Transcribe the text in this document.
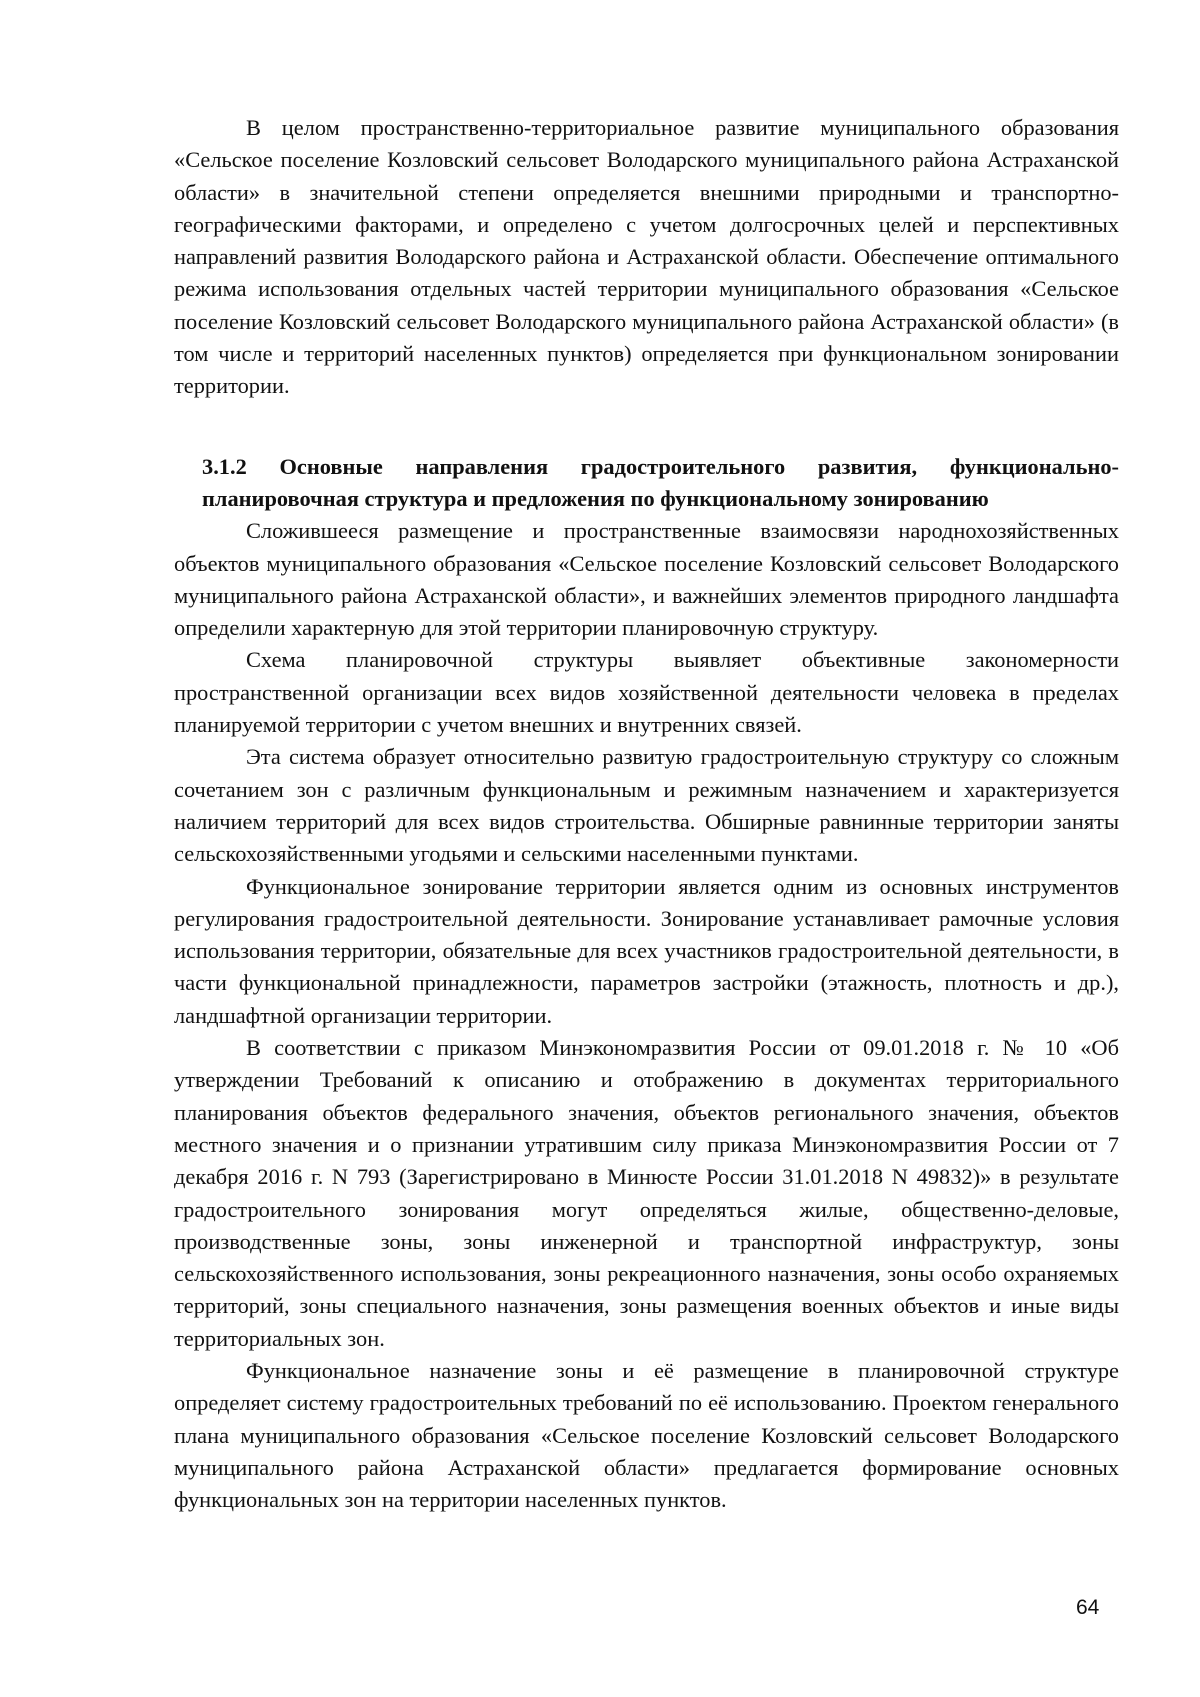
В целом пространственно-территориальное развитие муниципального образования «Сельское поселение Козловский сельсовет Володарского муниципального района Астраханской области» в значительной степени определяется внешними природными и транспортно-географическими факторами, и определено с учетом долгосрочных целей и перспективных направлений развития Володарского района и Астраханской области. Обеспечение оптимального режима использования отдельных частей территории муниципального образования «Сельское поселение Козловский сельсовет Володарского муниципального района Астраханской области» (в том числе и территорий населенных пунктов) определяется при функциональном зонировании территории.

3.1.2 Основные направления градостроительного развития, функционально-планировочная структура и предложения по функциональному зонированию

Сложившееся размещение и пространственные взаимосвязи народнохозяйственных объектов муниципального образования «Сельское поселение Козловский сельсовет Володарского муниципального района Астраханской области», и важнейших элементов природного ландшафта определили характерную для этой территории планировочную структуру.

Схема планировочной структуры выявляет объективные закономерности пространственной организации всех видов хозяйственной деятельности человека в пределах планируемой территории с учетом внешних и внутренних связей.

Эта система образует относительно развитую градостроительную структуру со сложным сочетанием зон с различным функциональным и режимным назначением и характеризуется наличием территорий для всех видов строительства. Обширные равнинные территории заняты сельскохозяйственными угодьями и сельскими населенными пунктами.

Функциональное зонирование территории является одним из основных инструментов регулирования градостроительной деятельности. Зонирование устанавливает рамочные условия использования территории, обязательные для всех участников градостроительной деятельности, в части функциональной принадлежности, параметров застройки (этажность, плотность и др.), ландшафтной организации территории.

В соответствии с приказом Минэкономразвития России от 09.01.2018 г. № 10 «Об утверждении Требований к описанию и отображению в документах территориального планирования объектов федерального значения, объектов регионального значения, объектов местного значения и о признании утратившим силу приказа Минэкономразвития России от 7 декабря 2016 г. N 793 (Зарегистрировано в Минюсте России 31.01.2018 N 49832)» в результате градостроительного зонирования могут определяться жилые, общественно-деловые, производственные зоны, зоны инженерной и транспортной инфраструктур, зоны сельскохозяйственного использования, зоны рекреационного назначения, зоны особо охраняемых территорий, зоны специального назначения, зоны размещения военных объектов и иные виды территориальных зон.

Функциональное назначение зоны и её размещение в планировочной структуре определяет систему градостроительных требований по её использованию. Проектом генерального плана муниципального образования «Сельское поселение Козловский сельсовет Володарского муниципального района Астраханской области» предлагается формирование основных функциональных зон на территории населенных пунктов.

64
